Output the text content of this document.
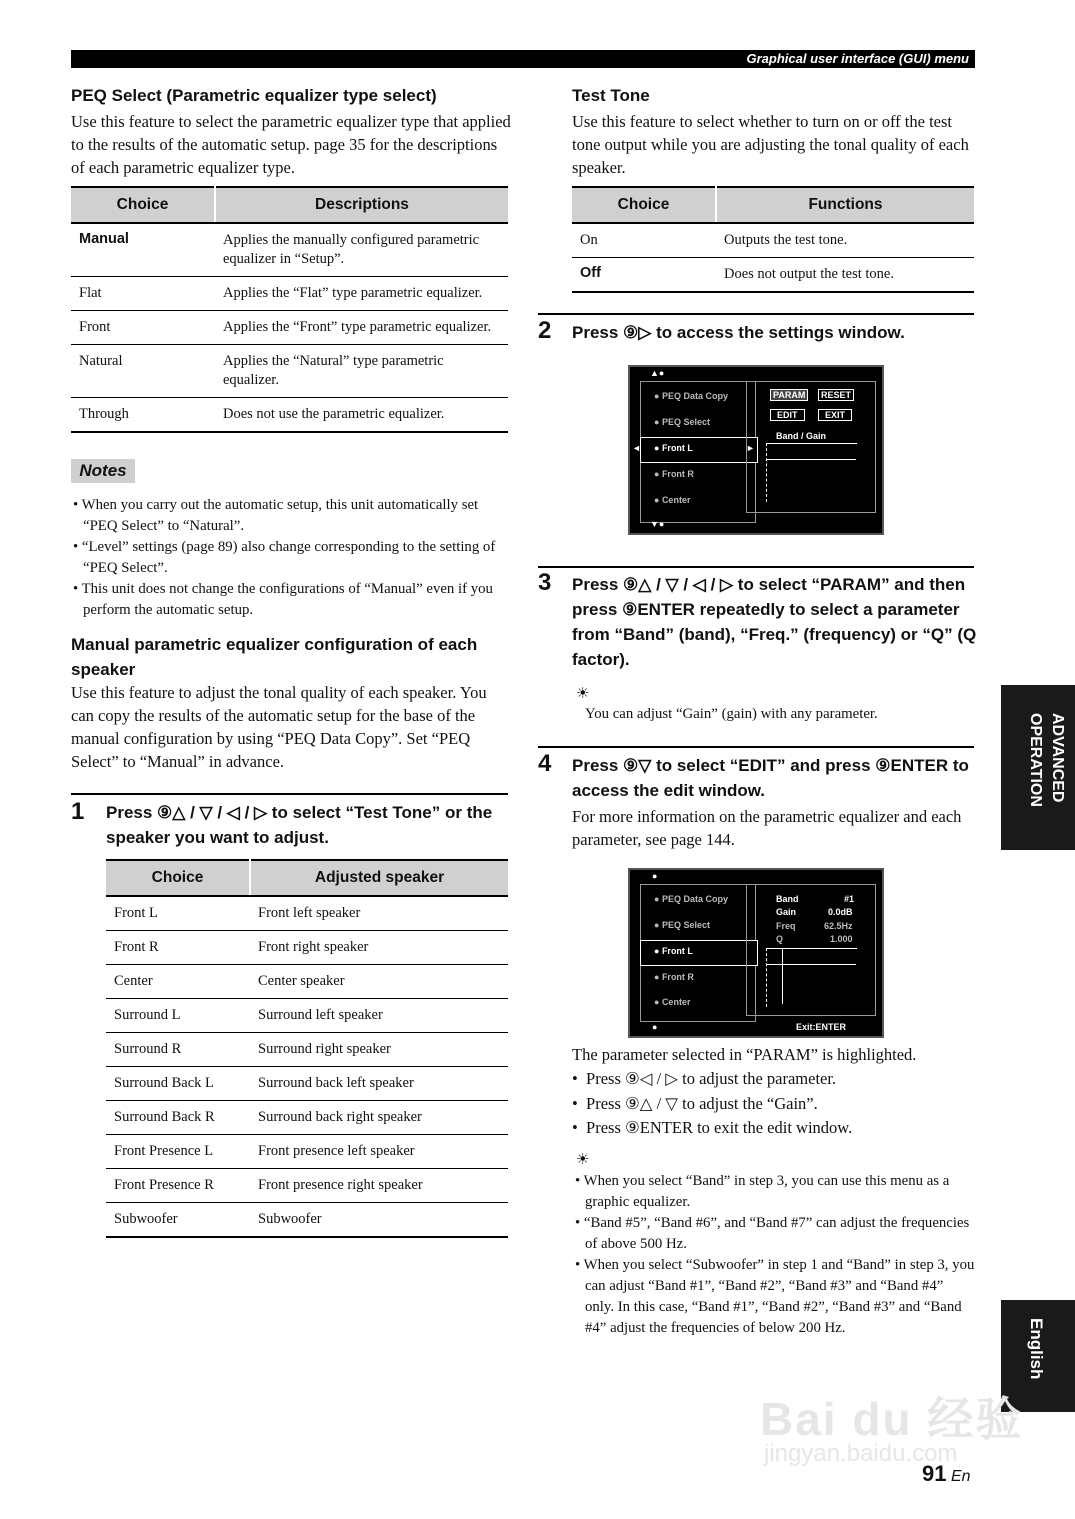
Graphical user interface (GUI) menu
PEQ Select (Parametric equalizer type select)

Use this feature to select the parametric equalizer type that applied to the results of the automatic setup. page 35 for the descriptions of each parametric equalizer type.

Choice	Descriptions
Manual	Applies the manually configured parametric equalizer in “Setup”.
Flat	Applies the “Flat” type parametric equalizer.
Front	Applies the “Front” type parametric equalizer.
Natural	Applies the “Natural” type parametric equalizer.
Through	Does not use the parametric equalizer.
Notes
• When you carry out the automatic setup, this unit automatically set “PEQ Select” to “Natural”.
• “Level” settings (page 89) also change corresponding to the setting of “PEQ Select”.
• This unit does not change the configurations of “Manual” even if you perform the automatic setup.
Manual parametric equalizer configuration of each speaker

Use this feature to adjust the tonal quality of each speaker. You can copy the results of the automatic setup for the base of the manual configuration by using “PEQ Data Copy”. Set “PEQ Select” to “Manual” in advance.

1 Press ⑨△ / ▽ / ◁ / ▷ to select “Test Tone” or the speaker you want to adjust.
Choice	Adjusted speaker
Front L	Front left speaker
Front R	Front right speaker
Center	Center speaker
Surround L	Surround left speaker
Surround R	Surround right speaker
Surround Back L	Surround back left speaker
Surround Back R	Surround back right speaker
Front Presence L	Front presence left speaker
Front Presence R	Front presence right speaker
Subwoofer	Subwoofer
Test Tone

Use this feature to select whether to turn on or off the test tone output while you are adjusting the tonal quality of each speaker.

Choice	Functions
On	Outputs the test tone.
Off	Does not output the test tone.
2 Press ⑨▷ to access the settings window.
● PEQ Data Copy
● PEQ Select
● Front L
◄	►
● Front R
● Center
▲●
▼●
PARAM	RESET
EDIT	EXIT
Band / Gain
3 Press ⑨△ / ▽ / ◁ / ▷ to select “PARAM” and then press ⑨ENTER repeatedly to select a parameter from “Band” (band), “Freq.” (frequency) or “Q” (Q factor).
☀
You can adjust “Gain” (gain) with any parameter.
4 Press ⑨▽ to select “EDIT” and press ⑨ENTER to access the edit window.

For more information on the parametric equalizer and each parameter, see page 144.

● PEQ Data Copy
● PEQ Select
● Front L
● Front R
● Center
●
●
Band	#1
Gain	0.0dB
Freq	62.5Hz
Q	1.000
Exit:ENTER

The parameter selected in “PARAM” is highlighted.

•  Press ⑨◁ / ▷ to adjust the parameter.
•  Press ⑨△ / ▽ to adjust the “Gain”.
•  Press ⑨ENTER to exit the edit window.
☀
• When you select “Band” in step 3, you can use this menu as a graphic equalizer.
• “Band #5”, “Band #6”, and “Band #7” can adjust the frequencies of above 500 Hz.
• When you select “Subwoofer” in step 1 and “Band” in step 3, you can adjust “Band #1”, “Band #2”, “Band #3” and “Band #4” only. In this case, “Band #1”, “Band #2”, “Band #3” and “Band #4” adjust the frequencies of below 200 Hz.
ADVANCED OPERATION
English
Bai du 经验
jingyan.baidu.com
91 En
